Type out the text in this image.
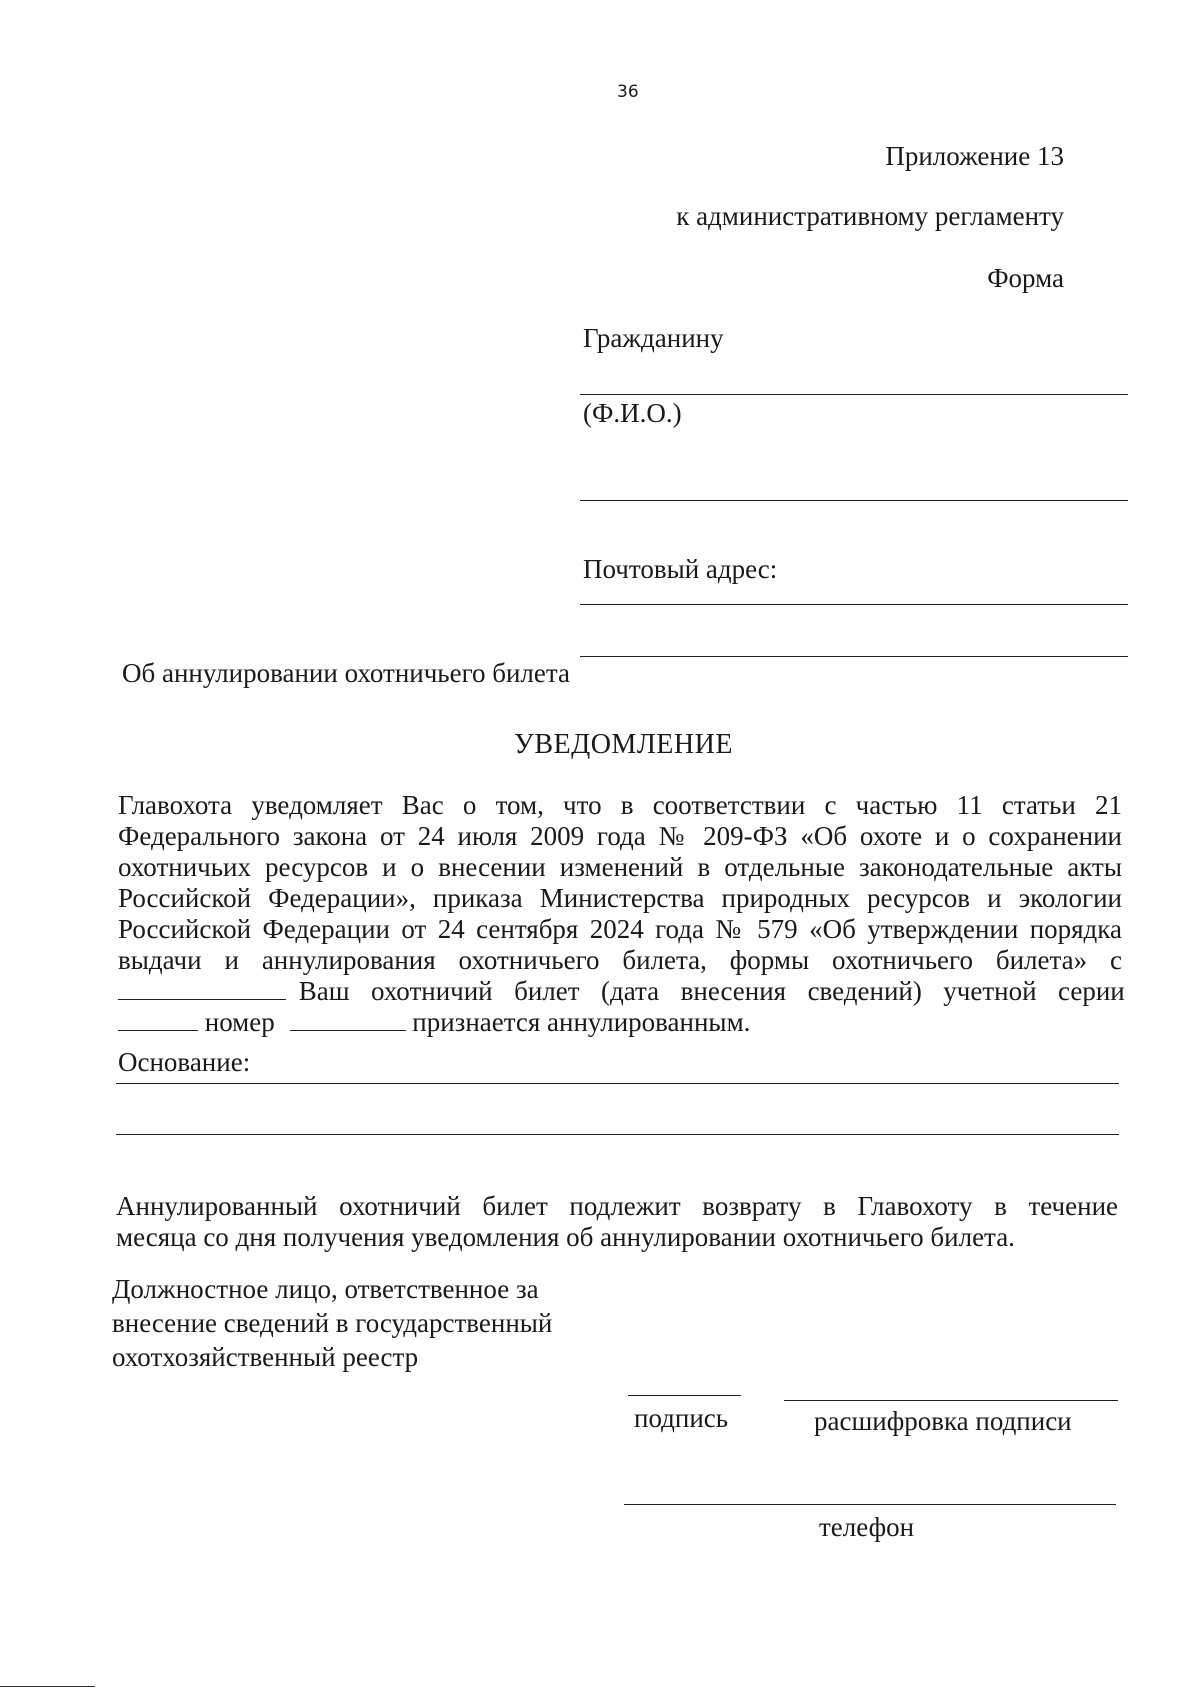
36
Приложение 13
к административному регламенту
Форма
Гражданину
(Ф.И.О.)
Почтовый адрес:
Об аннулировании охотничьего билета
УВЕДОМЛЕНИЕ
Главохота уведомляет Вас о том, что в соответствии с частью 11 статьи 21
Федерального закона от 24 июля 2009 года № 209-ФЗ «Об охоте и о сохранении
охотничьих ресурсов и о внесении изменений в отдельные законодательные акты
Российской Федерации», приказа Министерства природных ресурсов и экологии
Российской Федерации от 24 сентября 2024 года № 579 «Об утверждении порядка
выдачи и аннулирования охотничьего билета, формы охотничьего билета» с
Ваш охотничий билет (дата внесения сведений) учетной серии
номер	признается аннулированным.
Основание:
Аннулированный охотничий билет подлежит возврату в Главохоту в течение
месяца со дня получения уведомления об аннулировании охотничьего билета.
Должностное лицо, ответственное за
внесение сведений в государственный
охотхозяйственный реестр
подпись	расшифровка подписи
телефон
